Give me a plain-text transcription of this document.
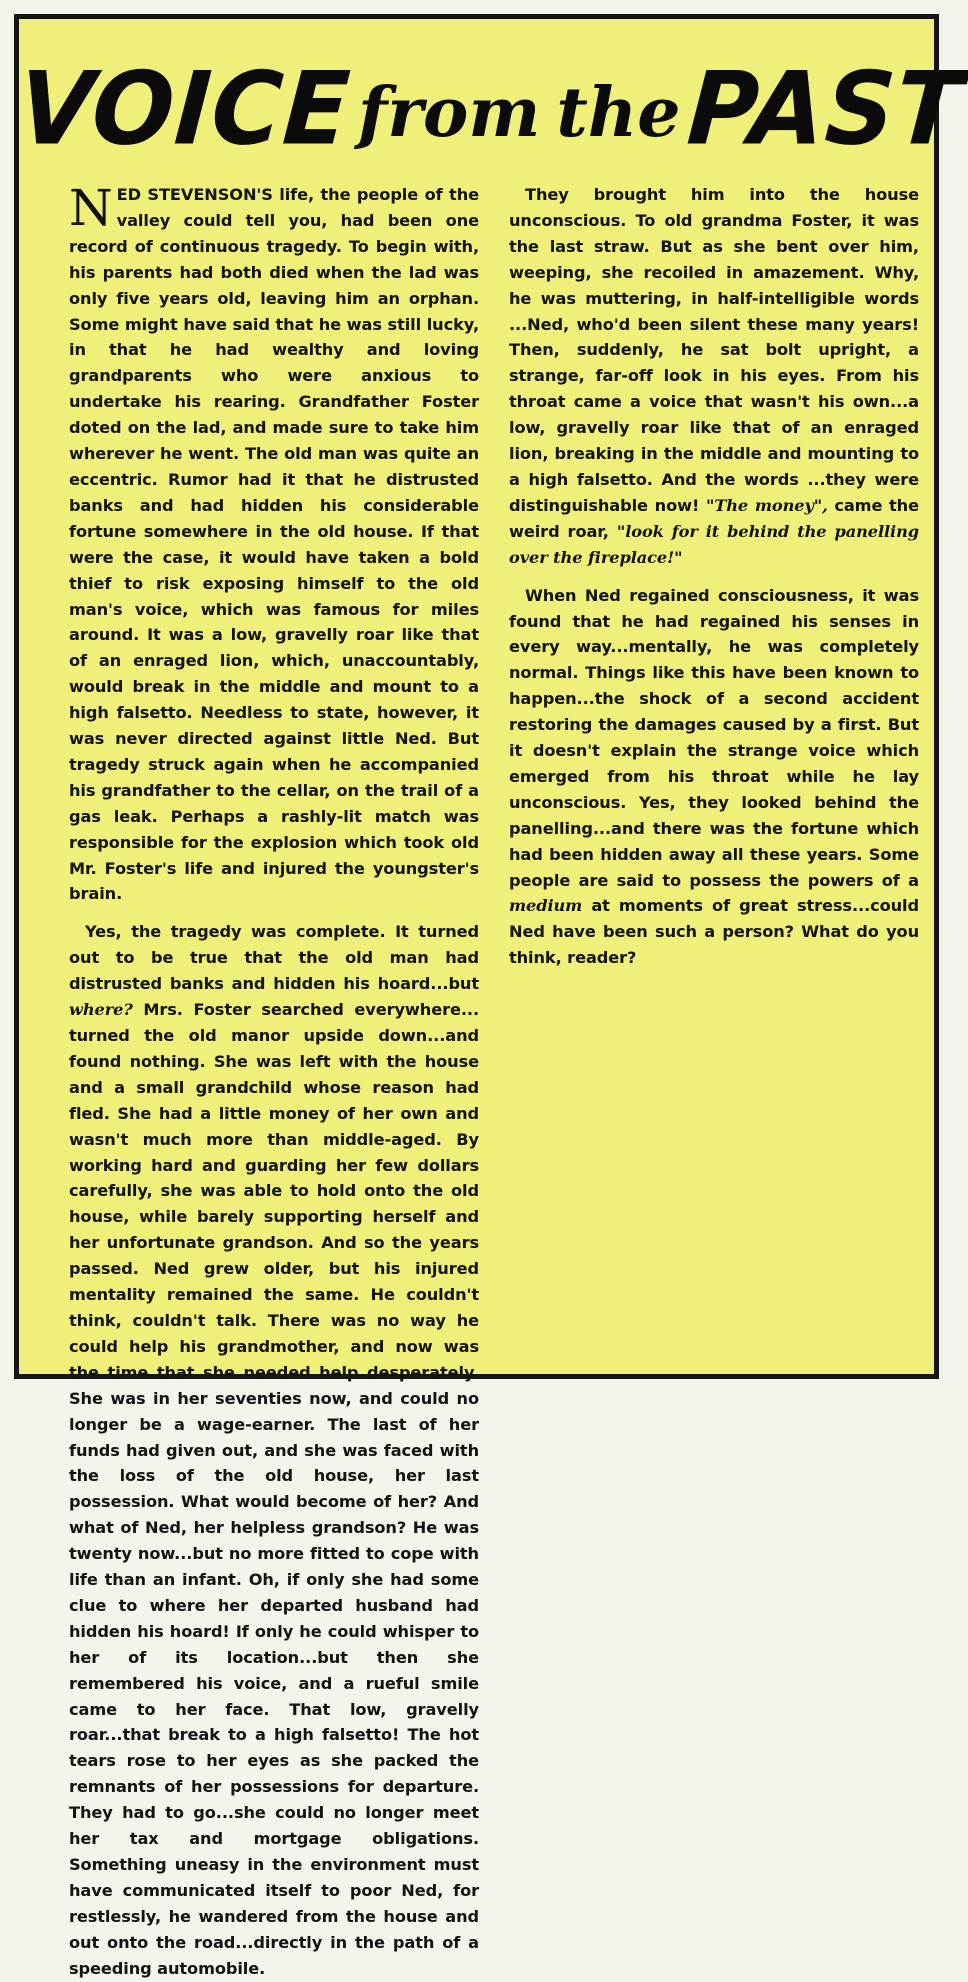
VOICEfrom thePAST

NED STEVENSON'S life, the people of the valley could tell you, had been one record of continuous tragedy. To begin with, his parents had both died when the lad was only five years old, leaving him an orphan. Some might have said that he was still lucky, in that he had wealthy and loving grandparents who were anxious to undertake his rearing. Grandfather Foster doted on the lad, and made sure to take him wherever he went. The old man was quite an eccentric. Rumor had it that he distrusted banks and had hidden his considerable fortune somewhere in the old house. If that were the case, it would have taken a bold thief to risk exposing himself to the old man's voice, which was famous for miles around. It was a low, gravelly roar like that of an enraged lion, which, unaccountably, would break in the middle and mount to a high falsetto. Needless to state, however, it was never directed against little Ned. But tragedy struck again when he accompanied his grandfather to the cellar, on the trail of a gas leak. Perhaps a rashly-lit match was responsible for the explosion which took old Mr. Foster's life and injured the youngster's brain.

Yes, the tragedy was complete. It turned out to be true that the old man had distrusted banks and hidden his hoard...but where? Mrs. Foster searched everywhere... turned the old manor upside down...and found nothing. She was left with the house and a small grandchild whose reason had fled. She had a little money of her own and wasn't much more than middle-aged. By working hard and guarding her few dollars carefully, she was able to hold onto the old house, while barely supporting herself and her unfortunate grandson. And so the years passed. Ned grew older, but his injured mentality remained the same. He couldn't think, couldn't talk. There was no way he could help his grandmother, and now was the time that she needed help desperately. She was in her seventies now, and could no longer be a wage-earner. The last of her funds had given out, and she was faced with the loss of the old house, her last possession. What would become of her? And what of Ned, her helpless grandson? He was twenty now...but no more fitted to cope with life than an infant. Oh, if only she had some clue to where her departed husband had hidden his hoard! If only he could whisper to her of its location...but then she remembered his voice, and a rueful smile came to her face. That low, gravelly roar...that break to a high falsetto! The hot tears rose to her eyes as she packed the remnants of her possessions for departure. They had to go...she could no longer meet her tax and mortgage obligations. Something uneasy in the environment must have communicated itself to poor Ned, for restlessly, he wandered from the house and out onto the road...directly in the path of a speeding automobile.

They brought him into the house unconscious. To old grandma Foster, it was the last straw. But as she bent over him, weeping, she recoiled in amazement. Why, he was muttering, in half-intelligible words ...Ned, who'd been silent these many years! Then, suddenly, he sat bolt upright, a strange, far-off look in his eyes. From his throat came a voice that wasn't his own...a low, gravelly roar like that of an enraged lion, breaking in the middle and mounting to a high falsetto. And the words ...they were distinguishable now! "The money", came the weird roar, "look for it behind the panelling over the fireplace!"

When Ned regained consciousness, it was found that he had regained his senses in every way...mentally, he was completely normal. Things like this have been known to happen...the shock of a second accident restoring the damages caused by a first. But it doesn't explain the strange voice which emerged from his throat while he lay unconscious. Yes, they looked behind the panelling...and there was the fortune which had been hidden away all these years. Some people are said to possess the powers of a medium at moments of great stress...could Ned have been such a person? What do you think, reader?
